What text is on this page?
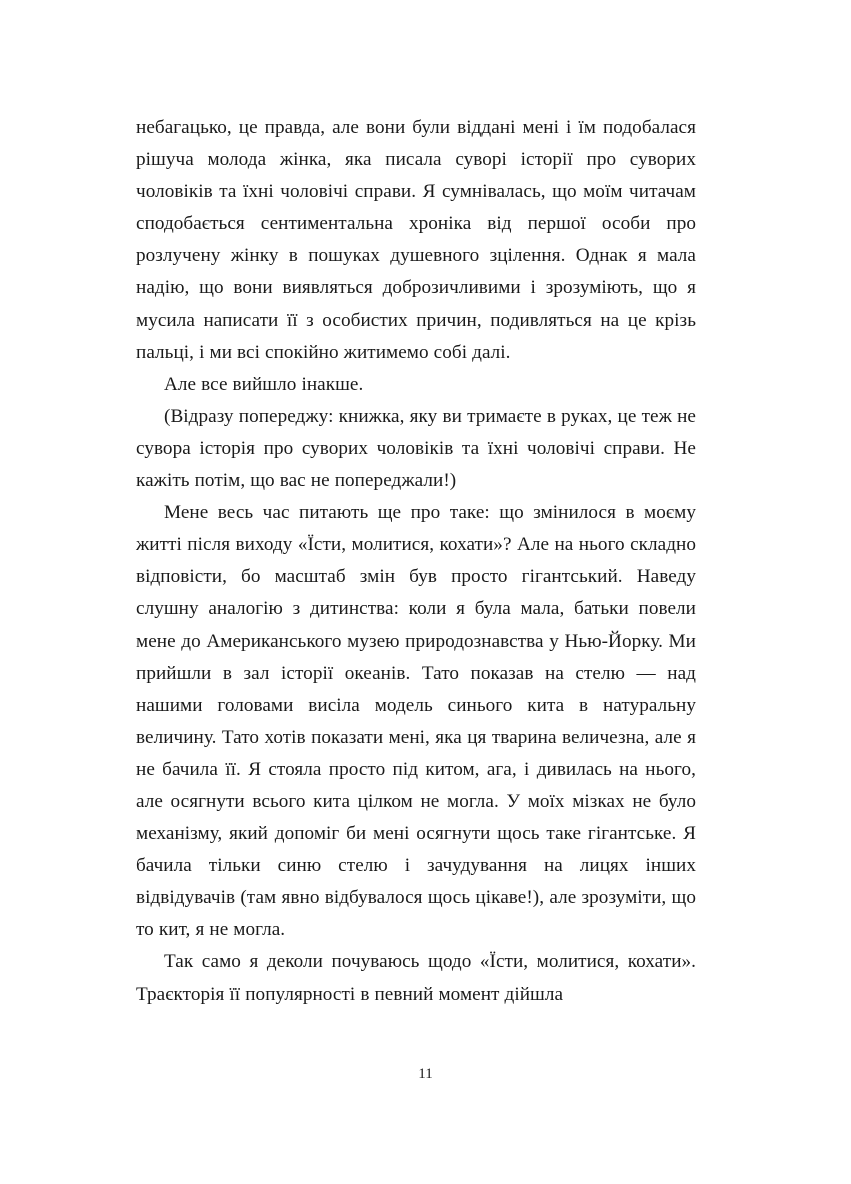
небагацько, це правда, але вони були віддані мені і їм подобалася рішуча молода жінка, яка писала суворі історії про суворих чоловіків та їхні чоловічі справи. Я сумнівалась, що моїм читачам сподобається сентиментальна хроніка від першої особи про розлучену жінку в пошуках душевного зцілення. Однак я мала надію, що вони виявляться доброзичливими і зрозуміють, що я мусила написати її з особистих причин, подивляться на це крізь пальці, і ми всі спокійно житимемо собі далі.

Але все вийшло інакше.

(Відразу попереджу: книжка, яку ви тримаєте в руках, це теж не сувора історія про суворих чоловіків та їхні чоловічі справи. Не кажіть потім, що вас не попереджали!)

Мене весь час питають ще про таке: що змінилося в моєму житті після виходу «Їсти, молитися, кохати»? Але на нього складно відповісти, бо масштаб змін був просто гігантський. Наведу слушну аналогію з дитинства: коли я була мала, батьки повели мене до Американського музею природознавства у Нью-Йорку. Ми прийшли в зал історії океанів. Тато показав на стелю — над нашими головами висіла модель синього кита в натуральну величину. Тато хотів показати мені, яка ця тварина величезна, але я не бачила її. Я стояла просто під китом, ага, і дивилась на нього, але осягнути всього кита цілком не могла. У моїх мізках не було механізму, який допоміг би мені осягнути щось таке гігантське. Я бачила тільки синю стелю і зачудування на лицях інших відвідувачів (там явно відбувалося щось цікаве!), але зрозуміти, що то кит, я не могла.

Так само я деколи почуваюсь щодо «Їсти, молитися, кохати». Траєкторія її популярності в певний момент дійшла

11
